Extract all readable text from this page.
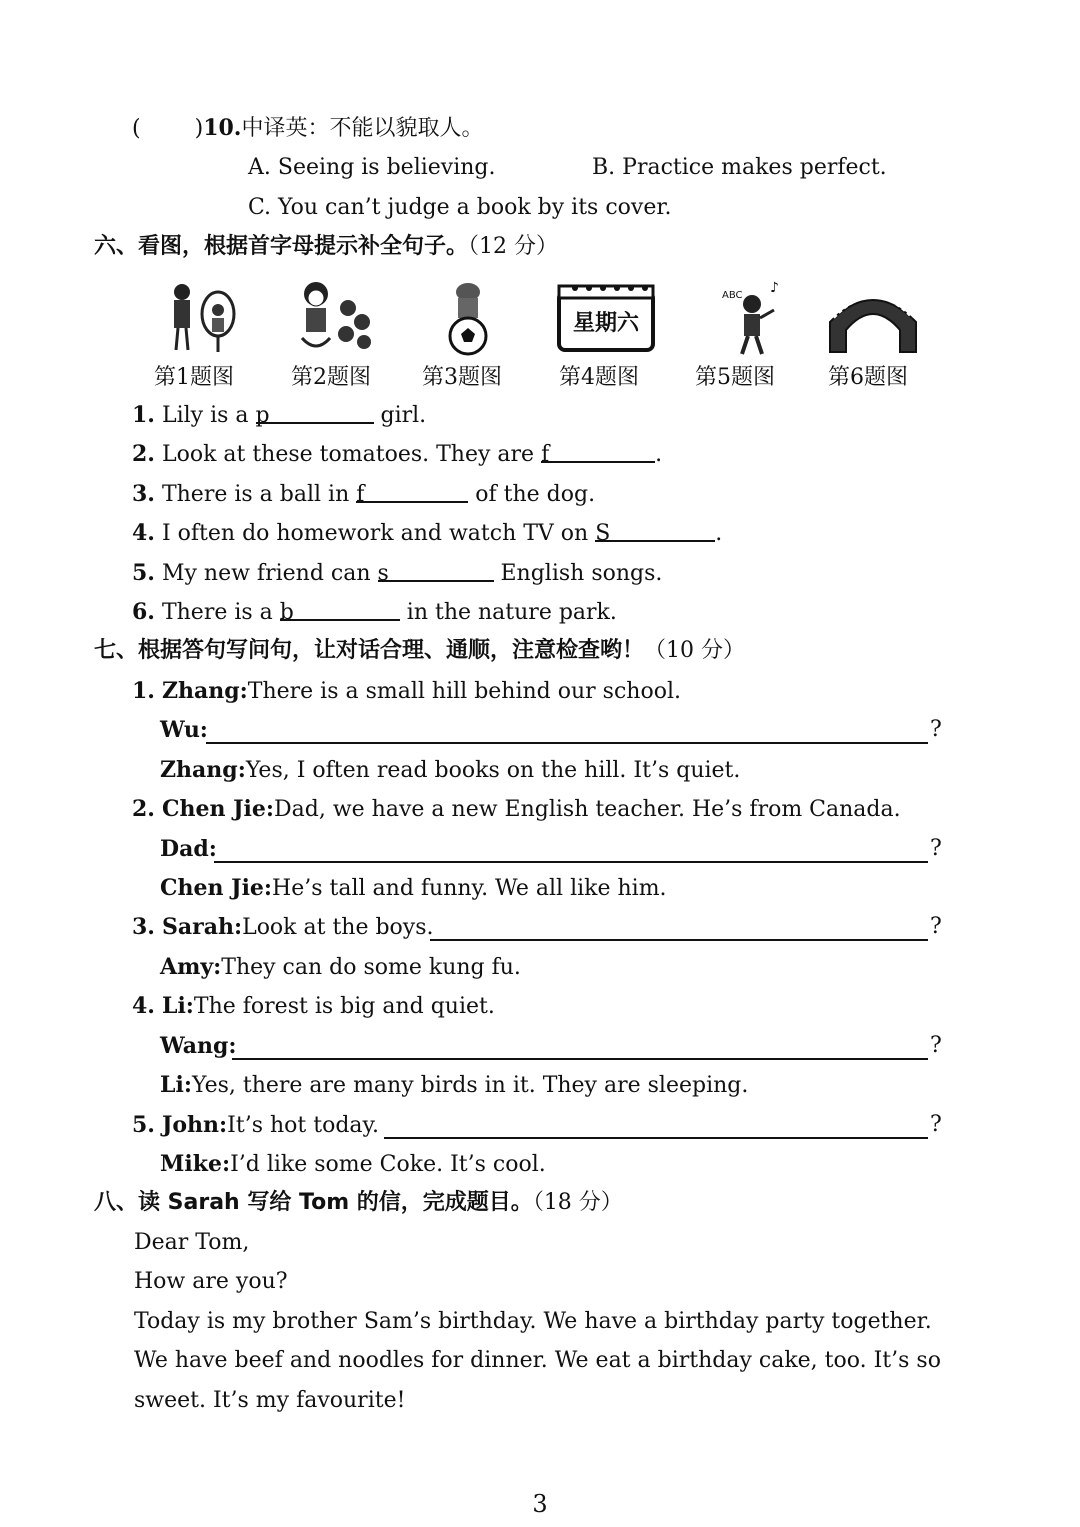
( )10.中译英：不能以貌取人。
A. Seeing is believing.	B. Practice makes perfect.
C. You can’t judge a book by its cover.
六、看图，根据首字母提示补全句子。（12 分）
星期六
ABC ♪
第1题图	第2题图 第3题图	第4题图	第5题图 第6题图
1. Lily is a p	girl.
2. Look at these tomatoes. They are f	.
3. There is a ball in f	of the dog.
4. I often do homework and watch TV on S	.
5. My new friend can s	English songs.
6. There is a b	in the nature park.
七、根据答句写问句，让对话合理、通顺，注意检查哟！（10 分）
1. Zhang:There is a small hill behind our school.
Wu:	?
Zhang:Yes, I often read books on the hill. It’s quiet.
2. Chen Jie:Dad, we have a new English teacher. He’s from Canada.
Dad:	?
Chen Jie:He’s tall and funny. We all like him.
3. Sarah:Look at the boys.	?
Amy:They can do some kung fu.
4. Li:The forest is big and quiet.
Wang:	?
Li:Yes, there are many birds in it. They are sleeping.
5. John:It’s hot today.	?
Mike:I’d like some Coke. It’s cool.
八、读 Sarah 写给 Tom 的信，完成题目。（18 分）
Dear Tom,
How are you?
Today is my brother Sam’s birthday. We have a birthday party together.
We have beef and noodles for dinner. We eat a birthday cake, too. It’s so
sweet. It’s my favourite!
3
